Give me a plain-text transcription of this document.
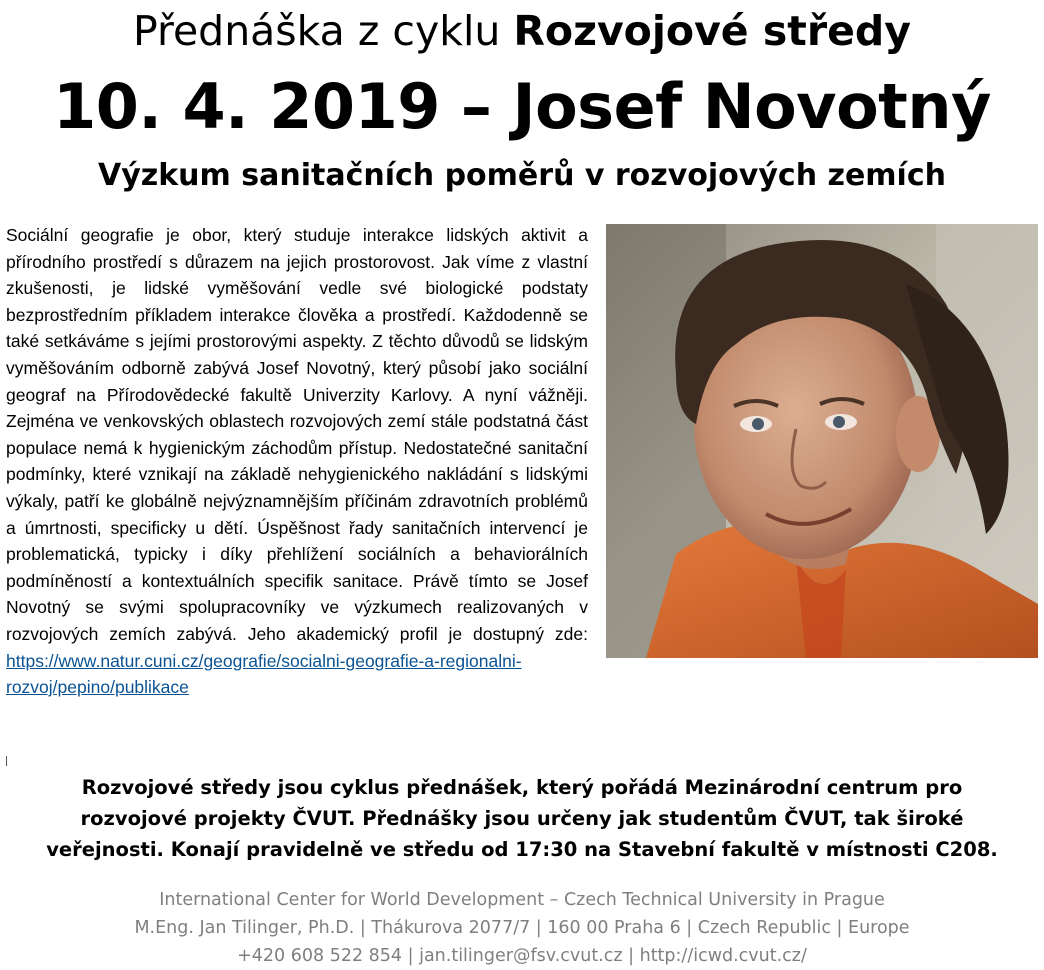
Přednáška z cyklu Rozvojové středy
10. 4. 2019 – Josef Novotný
Výzkum sanitačních poměrů v rozvojových zemích
Sociální geografie je obor, který studuje interakce lidských aktivit a přírodního prostředí s důrazem na jejich prostorovost. Jak víme z vlastní zkušenosti, je lidské vyměšování vedle své biologické podstaty bezprostředním příkladem interakce člověka a prostředí. Každodenně se také setkáváme s jejími prostorovými aspekty. Z těchto důvodů se lidským vyměšováním odborně zabývá Josef Novotný, který působí jako sociální geograf na Přírodovědecké fakultě Univerzity Karlovy. A nyní vážněji. Zejména ve venkovských oblastech rozvojových zemí stále podstatná část populace nemá k hygienickým záchodům přístup. Nedostatečné sanitační podmínky, které vznikají na základě nehygienického nakládání s lidskými výkaly, patří ke globálně nejvýznamnějším příčinám zdravotních problémů a úmrtnosti, specificky u dětí. Úspěšnost řady sanitačních intervencí je problematická, typicky i díky přehlížení sociálních a behaviorálních podmíněností a kontextuálních specifik sanitace. Právě tímto se Josef Novotný se svými spolupracovníky ve výzkumech realizovaných v rozvojových zemích zabývá. Jeho akademický profil je dostupný zde: https://www.natur.cuni.cz/geografie/socialni-geografie-a-regionalni-rozvoj/pepino/publikace
Rozvojové středy jsou cyklus přednášek, který pořádá Mezinárodní centrum pro
rozvojové projekty ČVUT. Přednášky jsou určeny jak studentům ČVUT, tak široké
veřejnosti. Konají pravidelně ve středu od 17:30 na Stavební fakultě v místnosti C208.
International Center for World Development – Czech Technical University in Prague
M.Eng. Jan Tilinger, Ph.D. | Thákurova 2077/7 | 160 00 Praha 6 | Czech Republic | Europe
+420 608 522 854 | jan.tilinger@fsv.cvut.cz | http://icwd.cvut.cz/
